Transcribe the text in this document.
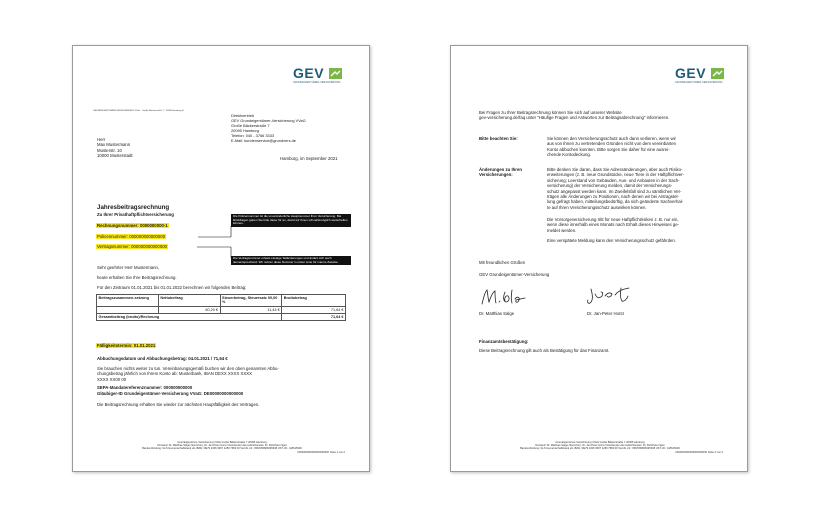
GEV
GRUNDEIGENTÜMER-VERSICHERUNG
GRUNDEIGENTÜMER-VERSICHERUNG VVaG · Große Bäckerstraße 7 · 20095 Hamburg B
Direktvertrieb
GEV Grundeigentümer-Versicherung VVaG
Große Bäckerstraße 7
20095 Hamburg
Telefon: 040 - 3766 3333
E-Mail: kundenservice@grundvers.de
Herr
Max Mustermann
Musterstr. 10
10000 Musterstadt
Hamburg, im September 2021
Jahresbeitragsrechnung
Zu Ihrer Privathaftpflichtversicherung
Rechnungsnummer: 0000000000-1
Policennummer: 000000000000000
Vertragsnummer: 000000000000000
Die Policennummer ist die unveränderliche Hauptnummer Ihrer Versicherung. Bei Rückfragen geben Sie bitte diese für an, damit wir Ihnen schnellstmöglich weiterhelfen können.
Die Vertragsnummer erfasst etwaige Teiländerungen und ändert sich auch dementsprechend. Wir nutzen diese Nummer in erster Linie für interne Zwecke.
Sehr geehrter Herr Mustermann,
heute erhalten Sie Ihre Beitragsrechnung.
Für den Zeitraum 01.01.2021 bis 01.01.2022 berechnen wir folgenden Beitrag:
Beitragszusammen-setzung	Nettobeitrag	Steuerbetrag, Steuersatz 00,00 %	Bruttobetrag
	60,20 €	11,44 €	71,64 €
Gesamtbeitrag (brutto)/Rechnung			71,64 €
Fälligkeitstermin: 01.01.2021
Abbuchungsdatum und Abbuchungsbetrag: 04.01.2021 / 71,64 €
Sie brauchen nichts weiter zu tun. Vereinbarungsgemäß buchen wir den oben genannten Abbu-
chungsbetrag jährlich von Ihrem Konto ab: Musterbank, IBAN DEXX XXXX XXXX
XXXX XX00 00
SEPA-Mandatereferenznummer: 000000000000
Gläubiger-ID Grundeigentümer-Versicherung VVaG: DE00000000000000
Die Beitragsrechnung erhalten Sie wieder zur nächsten Hauptfälligkeit des Vertrages.
Grundeigentümer-Versicherung VVaG Große Bäckerstraße 7 20095 Hamburg
Vorstand: Dr. Matthias Salge (Sprecher), Dr. Jan-Peter Horst Vorsitzender des Aufsichtsrates: Dr. Rolf-Peter Ilgen
Bankverbindung: GLS Gemeinschaftsbank eG IBAN: DE79 4306 0967 1283 7684 00 VersSt.-Nr.: 806/V80806095648 UST.-ID.: 118615000
0000000000000000000000 Seite 1 von 2
GEV
GRUNDEIGENTÜMER-VERSICHERUNG
Bei Fragen zu Ihrer Beitragsrechnung können Sie sich auf unserer Website
gev-versicherung.de/faq unter "Häufige Fragen und Antworten zur Beitragsabrechnung" informieren.
Bitte beachten Sie:	Sie können den Versicherungsschutz auch dann verlieren, wenn wir
aus von Ihnen zu vertretenden Gründen nicht von dem vereinbarten
Konto abbuchen konnten. Bitte sorgen Sie daher für eine ausrei-
chende Kontodeckung.
Änderungen zu Ihren
Versicherungen:
Bitte denken Sie daran, dass Sie Adressänderungen, aber auch Risiko-
erweiterungen (z. B. neue Grundstücke, neue Tiere in der Haftpflichtver-
sicherung; Leerstand von Gebäuden, Aus- und Anbauten in der Sach-
versicherung) der Versicherung melden, damit der Versicherungs-
schutz angepasst werden kann. Im Zweifelsfall sind zu sämtlichen Ver-
trägen alle Änderungen zu Positionen, nach denen wir bei Antragstel-
lung gefragt haben, mitteilungsbedürftig, da sich geänderte Sachverhal-
te auf Ihren Versicherungsschutz auswirken können.
Die Vorsorgeversicherung tritt für neue Haftpflichtrisiken z. B. nur ein,
wenn diese innerhalb eines Monats nach Erhalt dieses Hinweises ge-
meldet werden.
Eine verspätete Meldung kann den Versicherungsschutz gefährden.
Mit freundlichen Grüßen
GEV Grundeigentümer-Versicherung
Dr. Matthias Salge	Dr. Jan-Peter Horst
Finanzamtsbestätigung:
Diese Beitragsrechnung gilt auch als Bestätigung für das Finanzamt.
Grundeigentümer-Versicherung VVaG Große Bäckerstraße 7 20095 Hamburg
Vorstand: Dr. Matthias Salge (Sprecher), Dr. Jan-Peter Horst Vorsitzender des Aufsichtsrates: Dr. Rolf-Peter Ilgen
Bankverbindung: GLS Gemeinschaftsbank eG IBAN: DE79 4306 0967 1283 7684 00 VersSt.-Nr.: 806/V80806095648 UST.-ID.: 118615000
0000000000000000000000 Seite 2 von 2
